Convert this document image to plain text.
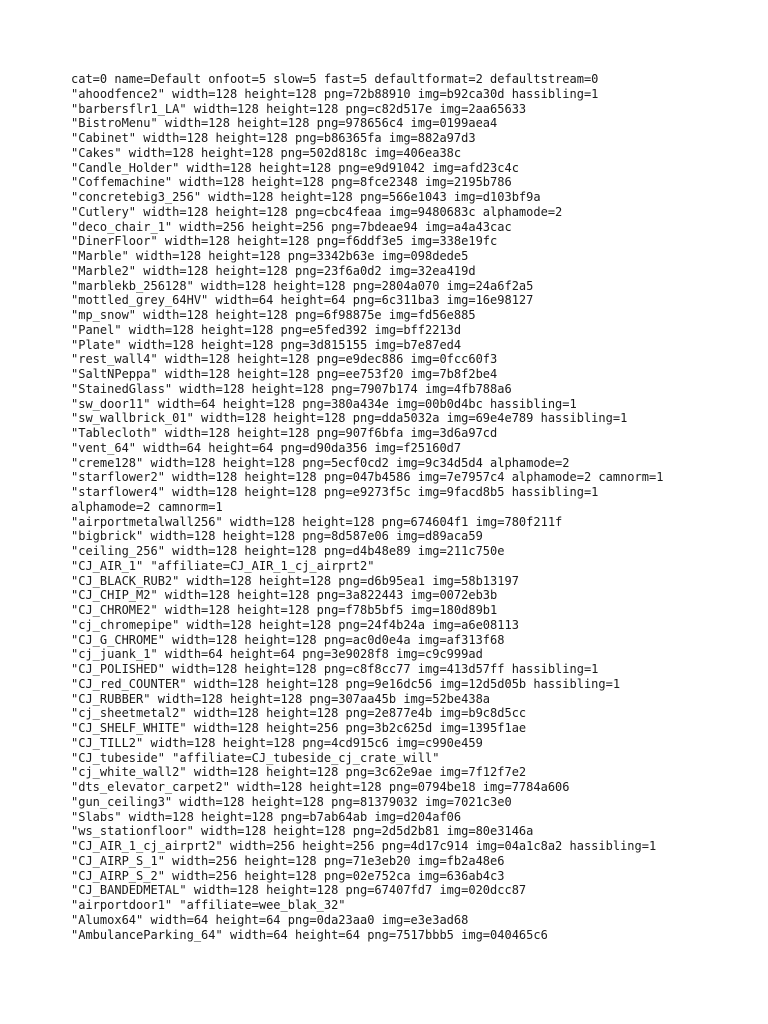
cat=0 name=Default onfoot=5 slow=5 fast=5 defaultformat=2 defaultstream=0
"ahoodfence2" width=128 height=128 png=72b88910 img=b92ca30d hassibling=1
"barbersflr1_LA" width=128 height=128 png=c82d517e img=2aa65633
"BistroMenu" width=128 height=128 png=978656c4 img=0199aea4
"Cabinet" width=128 height=128 png=b86365fa img=882a97d3
"Cakes" width=128 height=128 png=502d818c img=406ea38c
"Candle_Holder" width=128 height=128 png=e9d91042 img=afd23c4c
"Coffemachine" width=128 height=128 png=8fce2348 img=2195b786
"concretebig3_256" width=128 height=128 png=566e1043 img=d103bf9a
"Cutlery" width=128 height=128 png=cbc4feaa img=9480683c alphamode=2
"deco_chair_1" width=256 height=256 png=7bdeae94 img=a4a43cac
"DinerFloor" width=128 height=128 png=f6ddf3e5 img=338e19fc
"Marble" width=128 height=128 png=3342b63e img=098dede5
"Marble2" width=128 height=128 png=23f6a0d2 img=32ea419d
"marblekb_256128" width=128 height=128 png=2804a070 img=24a6f2a5
"mottled_grey_64HV" width=64 height=64 png=6c311ba3 img=16e98127
"mp_snow" width=128 height=128 png=6f98875e img=fd56e885
"Panel" width=128 height=128 png=e5fed392 img=bff2213d
"Plate" width=128 height=128 png=3d815155 img=b7e87ed4
"rest_wall4" width=128 height=128 png=e9dec886 img=0fcc60f3
"SaltNPeppa" width=128 height=128 png=ee753f20 img=7b8f2be4
"StainedGlass" width=128 height=128 png=7907b174 img=4fb788a6
"sw_door11" width=64 height=128 png=380a434e img=00b0d4bc hassibling=1
"sw_wallbrick_01" width=128 height=128 png=dda5032a img=69e4e789 hassibling=1
"Tablecloth" width=128 height=128 png=907f6bfa img=3d6a97cd
"vent_64" width=64 height=64 png=d90da356 img=f25160d7
"creme128" width=128 height=128 png=5ecf0cd2 img=9c34d5d4 alphamode=2
"starflower2" width=128 height=128 png=047b4586 img=7e7957c4 alphamode=2 camnorm=1
"starflower4" width=128 height=128 png=e9273f5c img=9facd8b5 hassibling=1
alphamode=2 camnorm=1
"airportmetalwall256" width=128 height=128 png=674604f1 img=780f211f
"bigbrick" width=128 height=128 png=8d587e06 img=d89aca59
"ceiling_256" width=128 height=128 png=d4b48e89 img=211c750e
"CJ_AIR_1" "affiliate=CJ_AIR_1_cj_airprt2"
"CJ_BLACK_RUB2" width=128 height=128 png=d6b95ea1 img=58b13197
"CJ_CHIP_M2" width=128 height=128 png=3a822443 img=0072eb3b
"CJ_CHROME2" width=128 height=128 png=f78b5bf5 img=180d89b1
"cj_chromepipe" width=128 height=128 png=24f4b24a img=a6e08113
"CJ_G_CHROME" width=128 height=128 png=ac0d0e4a img=af313f68
"cj_juank_1" width=64 height=64 png=3e9028f8 img=c9c999ad
"CJ_POLISHED" width=128 height=128 png=c8f8cc77 img=413d57ff hassibling=1
"CJ_red_COUNTER" width=128 height=128 png=9e16dc56 img=12d5d05b hassibling=1
"CJ_RUBBER" width=128 height=128 png=307aa45b img=52be438a
"cj_sheetmetal2" width=128 height=128 png=2e877e4b img=b9c8d5cc
"CJ_SHELF_WHITE" width=128 height=256 png=3b2c625d img=1395f1ae
"CJ_TILL2" width=128 height=128 png=4cd915c6 img=c990e459
"CJ_tubeside" "affiliate=CJ_tubeside_cj_crate_will"
"cj_white_wall2" width=128 height=128 png=3c62e9ae img=7f12f7e2
"dts_elevator_carpet2" width=128 height=128 png=0794be18 img=7784a606
"gun_ceiling3" width=128 height=128 png=81379032 img=7021c3e0
"Slabs" width=128 height=128 png=b7ab64ab img=d204af06
"ws_stationfloor" width=128 height=128 png=2d5d2b81 img=80e3146a
"CJ_AIR_1_cj_airprt2" width=256 height=256 png=4d17c914 img=04a1c8a2 hassibling=1
"CJ_AIRP_S_1" width=256 height=128 png=71e3eb20 img=fb2a48e6
"CJ_AIRP_S_2" width=256 height=128 png=02e752ca img=636ab4c3
"CJ_BANDEDMETAL" width=128 height=128 png=67407fd7 img=020dcc87
"airportdoor1" "affiliate=wee_blak_32"
"Alumox64" width=64 height=64 png=0da23aa0 img=e3e3ad68
"AmbulanceParking_64" width=64 height=64 png=7517bbb5 img=040465c6
